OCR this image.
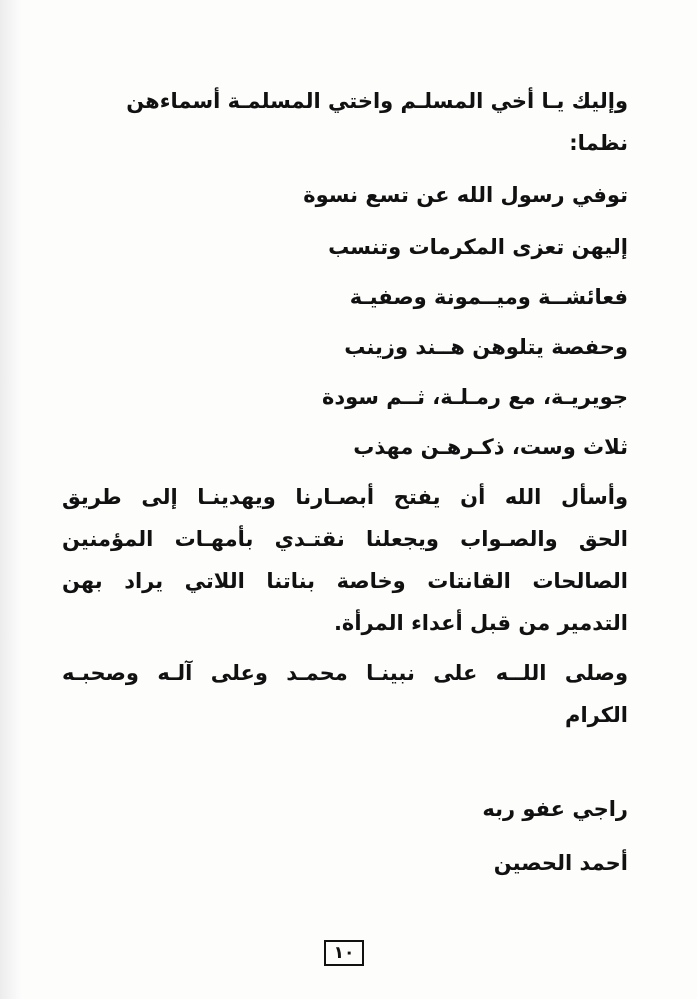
وإليك يـا أخي المسلـم واختي المسلمـة أسماءهن
نظما:
توفي رسول الله عن تسع نسوة
إليهن تعزى المكرمات وتنسب
فعائشــة وميــمونة وصفيـة
وحفصة يتلوهن هــند وزينب
جويريـة، مع رمـلـة، ثــم سودة
ثلاث وست، ذكـرهـن مهذب
وأسأل الله أن يفتح أبصـارنا ويهدينـا إلى طريق
الحق والصـواب ويجعلنا نقتـدي بأمهـات المؤمنين
الصالحات القانتات وخاصة بناتنا اللاتي يراد بهن
التدمير من قبل أعداء المرأة.
وصلى اللــه على نبينـا محمـد وعلى آلـه وصحبـه
الكرام
راجي عفو ربه
أحمد الحصين
١٠
